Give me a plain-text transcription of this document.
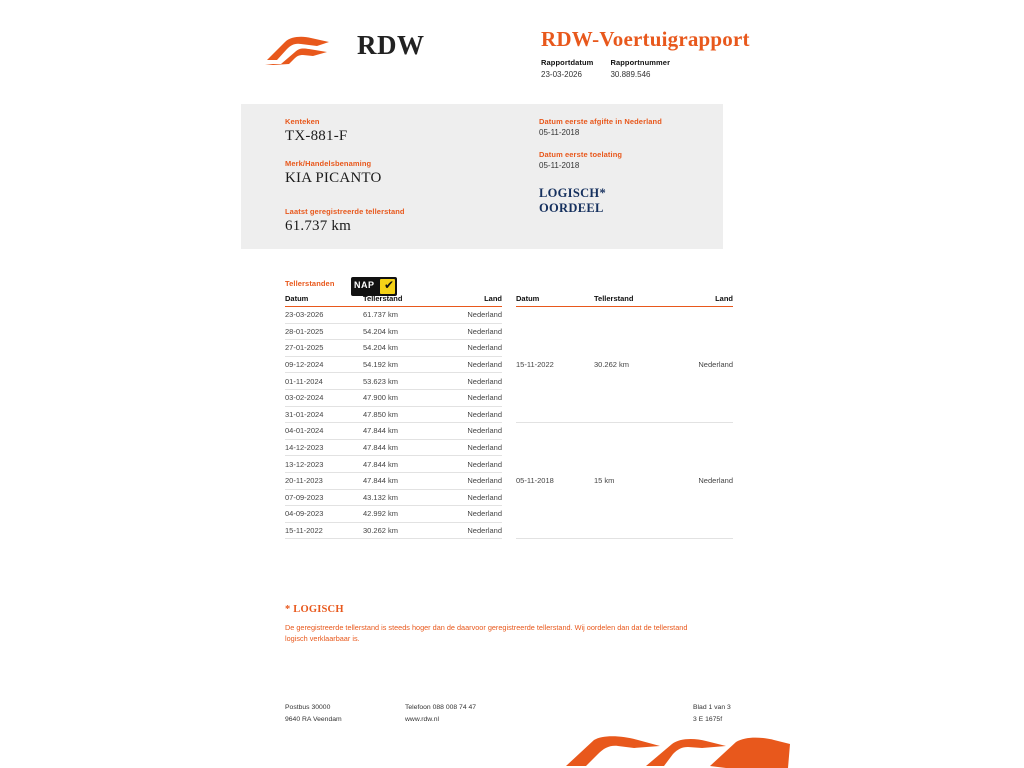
RDW	RDW-Voertuigrapport
Rapportdatum
23-03-2026

Rapportnummer
30.889.546
Kenteken
TX-881-F
Merk/Handelsbenaming
KIA PICANTO
Laatst geregistreerde tellerstand
61.737 km
Datum eerste afgifte in Nederland
05-11-2018
Datum eerste toelating
05-11-2018
LOGISCH*
OORDEEL
NAP ✔
Tellerstanden
Datum	Tellerstand	Land
23-03-2026	61.737 km	Nederland
28-01-2025	54.204 km	Nederland
27-01-2025	54.204 km	Nederland
09-12-2024	54.192 km	Nederland
01-11-2024	53.623 km	Nederland
03-02-2024	47.900 km	Nederland
31-01-2024	47.850 km	Nederland
04-01-2024	47.844 km	Nederland
14-12-2023	47.844 km	Nederland
13-12-2023	47.844 km	Nederland
20-11-2023	47.844 km	Nederland
07-09-2023	43.132 km	Nederland
04-09-2023	42.992 km	Nederland
15-11-2022	30.262 km	Nederland
Datum	Tellerstand	Land
15-11-2022	30.262 km	Nederland
05-11-2018	15 km	Nederland
* LOGISCH
De geregistreerde tellerstand is steeds hoger dan de daarvoor geregistreerde tellerstand. Wij oordelen dan dat de tellerstand logisch verklaarbaar is.
Postbus 30000
9640 RA Veendam
Telefoon 088 008 74 47
www.rdw.nl
Blad 1 van 3
3 E 1675f
